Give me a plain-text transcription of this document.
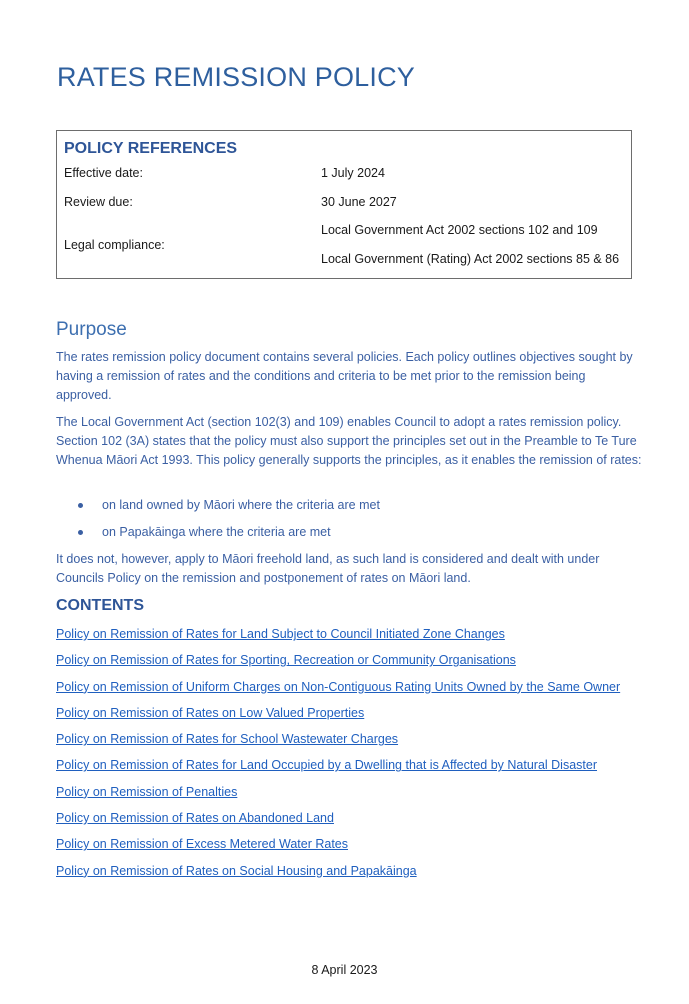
RATES REMISSION POLICY
POLICY REFERENCES
Effective date:	1 July 2024
Review due:	30 June 2027
Legal compliance:
Local Government Act 2002 sections 102 and 109
Local Government (Rating) Act 2002 sections 85 & 86
Purpose

The rates remission policy document contains several policies. Each policy outlines objectives sought by having a remission of rates and the conditions and criteria to be met prior to the remission being approved.

The Local Government Act (section 102(3) and 109) enables Council to adopt a rates remission policy. Section 102 (3A) states that the policy must also support the principles set out in the Preamble to Te Ture Whenua Māori Act 1993. This policy generally supports the principles, as it enables the remission of rates:

on land owned by Māori where the criteria are met
on Papakāinga where the criteria are met

It does not, however, apply to Māori freehold land, as such land is considered and dealt with under Councils Policy on the remission and postponement of rates on Māori land.

CONTENTS
Policy on Remission of Rates for Land Subject to Council Initiated Zone Changes
Policy on Remission of Rates for Sporting, Recreation or Community Organisations
Policy on Remission of Uniform Charges on Non-Contiguous Rating Units Owned by the Same Owner
Policy on Remission of Rates on Low Valued Properties
Policy on Remission of Rates for School Wastewater Charges
Policy on Remission of Rates for Land Occupied by a Dwelling that is Affected by Natural Disaster
Policy on Remission of Penalties
Policy on Remission of Rates on Abandoned Land
Policy on Remission of Excess Metered Water Rates
Policy on Remission of Rates on Social Housing and Papakāinga
8 April 2023
